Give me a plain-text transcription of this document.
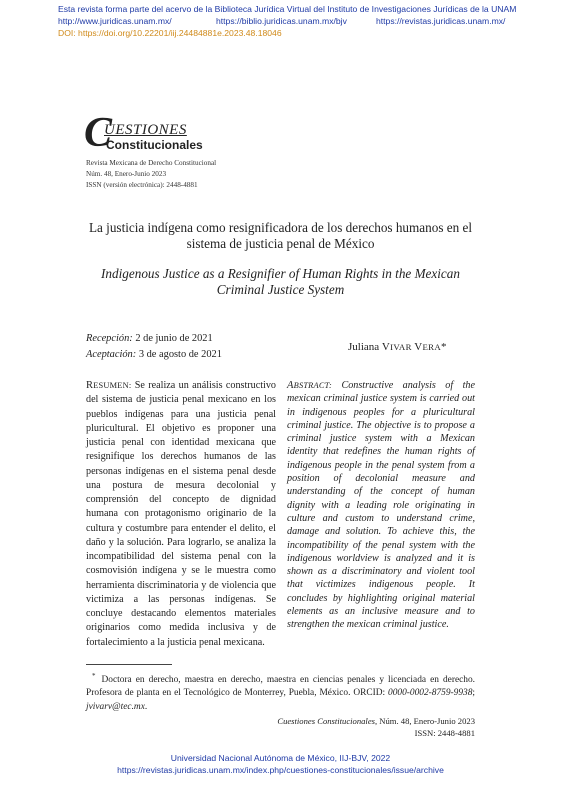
Esta revista forma parte del acervo de la Biblioteca Jurídica Virtual del Instituto de Investigaciones Jurídicas de la UNAM
http://www.juridicas.unam.mx/	https://biblio.juridicas.unam.mx/bjv	https://revistas.juridicas.unam.mx/
DOI: https://doi.org/10.22201/iij.24484881e.2023.48.18046
C
UESTIONES
Constitucionales
Revista Mexicana de Derecho Constitucional
Núm. 48, Enero-Junio 2023
ISSN (versión electrónica): 2448-4881
La justicia indígena como resignificadora de los derechos humanos en el sistema de justicia penal de México
Indigenous Justice as a Resignifier of Human Rights in the Mexican Criminal Justice System
Recepción: 2 de junio de 2021
Aceptación: 3 de agosto de 2021
Juliana VIVAR VERA*
RESUMEN: Se realiza un análisis constructivo del sistema de justicia penal mexicano en los pueblos indígenas para una justicia penal pluricultural. El objetivo es proponer una justicia penal con identidad mexicana que resignifique los derechos humanos de las personas indígenas en el sistema penal desde una postura de mesura decolonial y comprensión del concepto de dignidad humana con protagonismo originario de la cultura y costumbre para entender el delito, el daño y la solución. Para lograrlo, se analiza la incompatibilidad del sistema penal con la cosmovisión indígena y se le muestra como herramienta discriminatoria y de violencia que victimiza a las personas indígenas. Se concluye destacando elementos materiales originarios como medida inclusiva y de fortalecimiento a la justicia penal mexicana.
ABSTRACT: Constructive analysis of the mexican criminal justice system is carried out in indigenous peoples for a pluricultural criminal justice. The objective is to propose a criminal justice system with a Mexican identity that redefines the human rights of indigenous people in the penal system from a position of decolonial measure and understanding of the concept of human dignity with a leading role originating in culture and custom to understand crime, damage and solution. To achieve this, the incompatibility of the penal system with the indigenous worldview is analyzed and it is shown as a discriminatory and violent tool that victimizes indigenous people. It concludes by highlighting original material elements as an inclusive measure and to strengthen the mexican criminal justice.
* Doctora en derecho, maestra en derecho, maestra en ciencias penales y licenciada en derecho. Profesora de planta en el Tecnológico de Monterrey, Puebla, México. ORCID: 0000-0002-8759-9938; jvivarv@tec.mx.
Cuestiones Constitucionales, Núm. 48, Enero-Junio 2023
ISSN: 2448-4881
Universidad Nacional Autónoma de México, IIJ-BJV, 2022
https://revistas.juridicas.unam.mx/index.php/cuestiones-constitucionales/issue/archive
